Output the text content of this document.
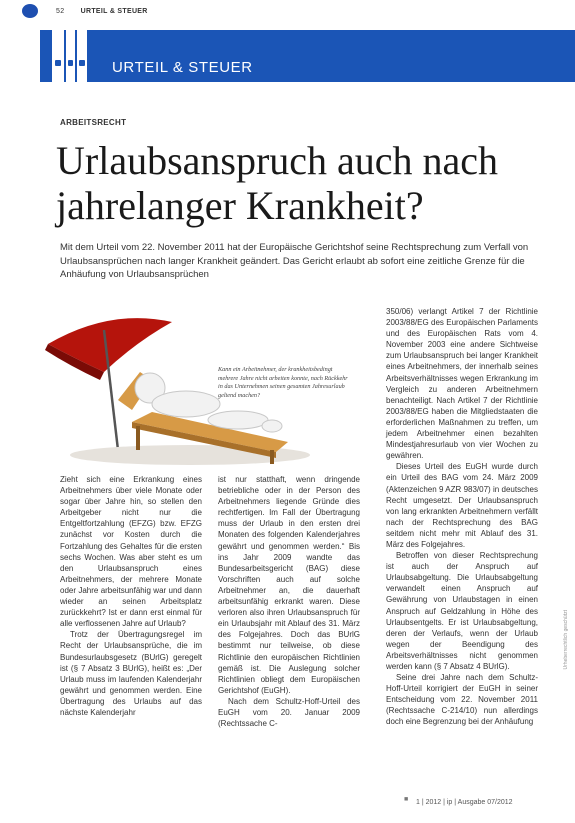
52 URTEIL & STEUER
URTEIL & STEUER
ARBEITSRECHT
Urlaubsanspruch auch nach jahrelanger Krankheit?
Mit dem Urteil vom 22. November 2011 hat der Europäische Gerichtshof seine Rechtsprechung zum Verfall von Urlaubsansprüchen nach langer Krankheit geändert. Das Gericht erlaubt ab sofort eine zeitliche Grenze für die Anhäufung von Urlaubsansprüchen
Kann ein Arbeitnehmer, der krankheitsbedingt mehrere Jahre nicht arbeiten konnte, nach Rückkehr in das Unternehmen seinen gesamten Jahresurlaub geltend machen?

Zieht sich eine Erkrankung eines Arbeitnehmers über viele Monate oder sogar über Jahre hin, so stellen den Arbeitgeber nicht nur die Entgeltfortzahlung (EFZG) bzw. EFZG zunächst vor Kosten durch die Fortzahlung des Gehaltes für die ersten sechs Wochen. Was aber steht es um den Urlaubsanspruch eines Arbeitnehmers, der mehrere Monate oder Jahre arbeitsunfähig war und dann wieder an seinen Arbeitsplatz zurückkehrt? Ist er dann erst einmal für alle verflossenen Jahre auf Urlaub?

Trotz der Übertragungsregel im Recht der Urlaubsansprüche, die im Bundesurlaubsgesetz (BUrlG) geregelt ist (§ 7 Absatz 3 BUrlG), heißt es: „Der Urlaub muss im laufenden Kalenderjahr gewährt und genommen werden. Eine Übertragung des Urlaubs auf das nächste Kalenderjahr

ist nur statthaft, wenn dringende betriebliche oder in der Person des Arbeitnehmers liegende Gründe dies rechtfertigen. Im Fall der Übertragung muss der Urlaub in den ersten drei Monaten des folgenden Kalenderjahres gewährt und genommen werden.“ Bis ins Jahr 2009 wandte das Bundesarbeitsgericht (BAG) diese Vorschriften auch auf solche Arbeitnehmer an, die dauerhaft arbeitsunfähig erkrankt waren. Diese verloren also ihren Urlaubsanspruch für ein Urlaubsjahr mit Ablauf des 31. März des Folgejahres. Doch das BUrlG bestimmt nur teilweise, ob diese Richtlinie den europäischen Richtlinien gemäß ist. Die Auslegung solcher Richtlinien obliegt dem Europäischen Gerichtshof (EuGH).

Nach dem Schultz-Hoff-Urteil des EuGH vom 20. Januar 2009 (Rechtssache C-

350/06) verlangt Artikel 7 der Richtlinie 2003/88/EG des Europäischen Parlaments und des Europäischen Rats vom 4. November 2003 eine andere Sichtweise zum Urlaubsanspruch bei langer Krankheit eines Arbeitnehmers, der innerhalb seines Arbeitsverhältnisses wegen Erkrankung im Vergleich zu anderen Arbeitnehmern benachteiligt. Nach Artikel 7 der Richtlinie 2003/88/EG haben die Mitgliedstaaten die erforderlichen Maßnahmen zu treffen, um jedem Arbeitnehmer einen bezahlten Mindestjahresurlaub von vier Wochen zu gewähren.

Dieses Urteil des EuGH wurde durch ein Urteil des BAG vom 24. März 2009 (Aktenzeichen 9 AZR 983/07) in deutsches Recht umgesetzt. Der Urlaubsanspruch von lang erkrankten Arbeitnehmern verfällt nach der Rechtsprechung des BAG seitdem nicht mehr mit Ablauf des 31. März des Folgejahres.

Betroffen von dieser Rechtsprechung ist auch der Anspruch auf Urlaubsabgeltung. Die Urlaubsabgeltung verwandelt einen Anspruch auf Gewährung von Urlaubstagen in einen Anspruch auf Geldzahlung in Höhe des Urlaubsentgelts. Er ist Urlaubsabgeltung, deren der Verlaufs, wenn der Urlaub wegen der Beendigung des Arbeitsverhältnisses nicht genommen werden kann (§ 7 Absatz 4 BUrlG).

Seine drei Jahre nach dem Schultz-Hoff-Urteil korrigiert der EuGH in seiner Entscheidung vom 22. November 2011 (Rechtssache C-214/10) nun allerdings doch eine Begrenzung bei der Anhäufung

Urheberrechtlich geschützt
■ 1 | 2012 | ip | Ausgabe 07/2012
